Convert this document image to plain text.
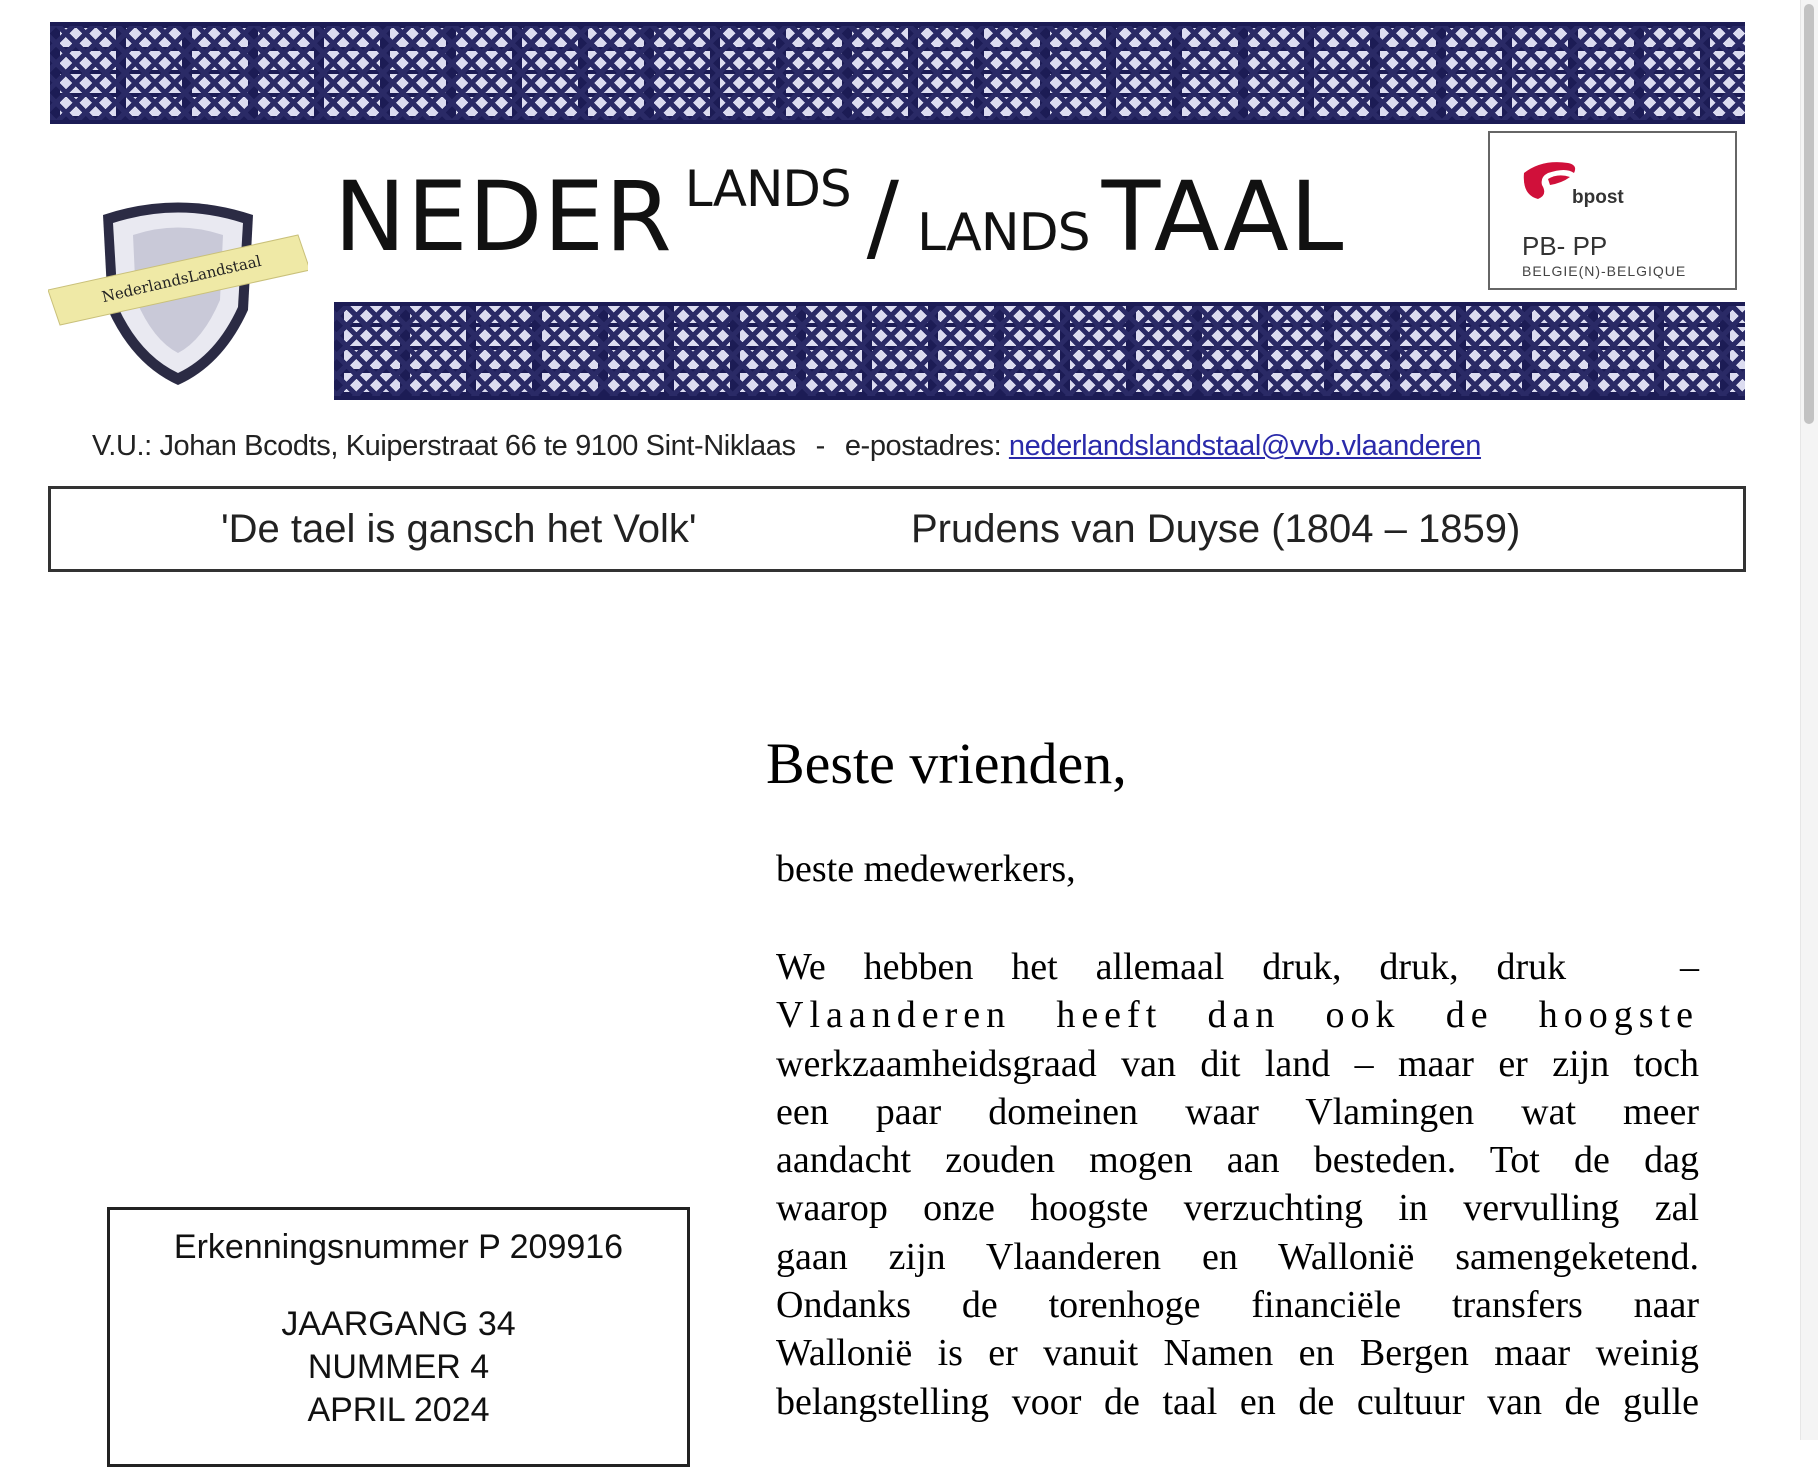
NederlandsLandstaal
NEDER LANDS / LANDS TAAL	bpost
PB- PP
BELGIE(N)-BELGIQUE
V.U.: Johan Bcodts, Kuiperstraat 66 te 9100 Sint-Niklaas - e-postadres: nederlandslandstaal@vvb.vlaanderen
'De tael is gansch het Volk'	Prudens van Duyse (1804 – 1859)
Beste vrienden,
beste medewerkers,
We hebben het allemaal druk, druk, druk   –
Vlaanderen heeft dan ook de hoogste
werkzaamheidsgraad van dit land – maar er zijn toch
een paar domeinen waar Vlamingen wat meer
aandacht zouden mogen aan besteden. Tot de dag
waarop onze hoogste verzuchting in vervulling zal
gaan zijn Vlaanderen en Wallonië samengeketend.
Ondanks de torenhoge financiële transfers naar
Wallonië is er vanuit Namen en Bergen maar weinig
belangstelling voor de taal en de cultuur van de gulle
Erkenningsnummer P 209916
JAARGANG 34
NUMMER 4
APRIL 2024
